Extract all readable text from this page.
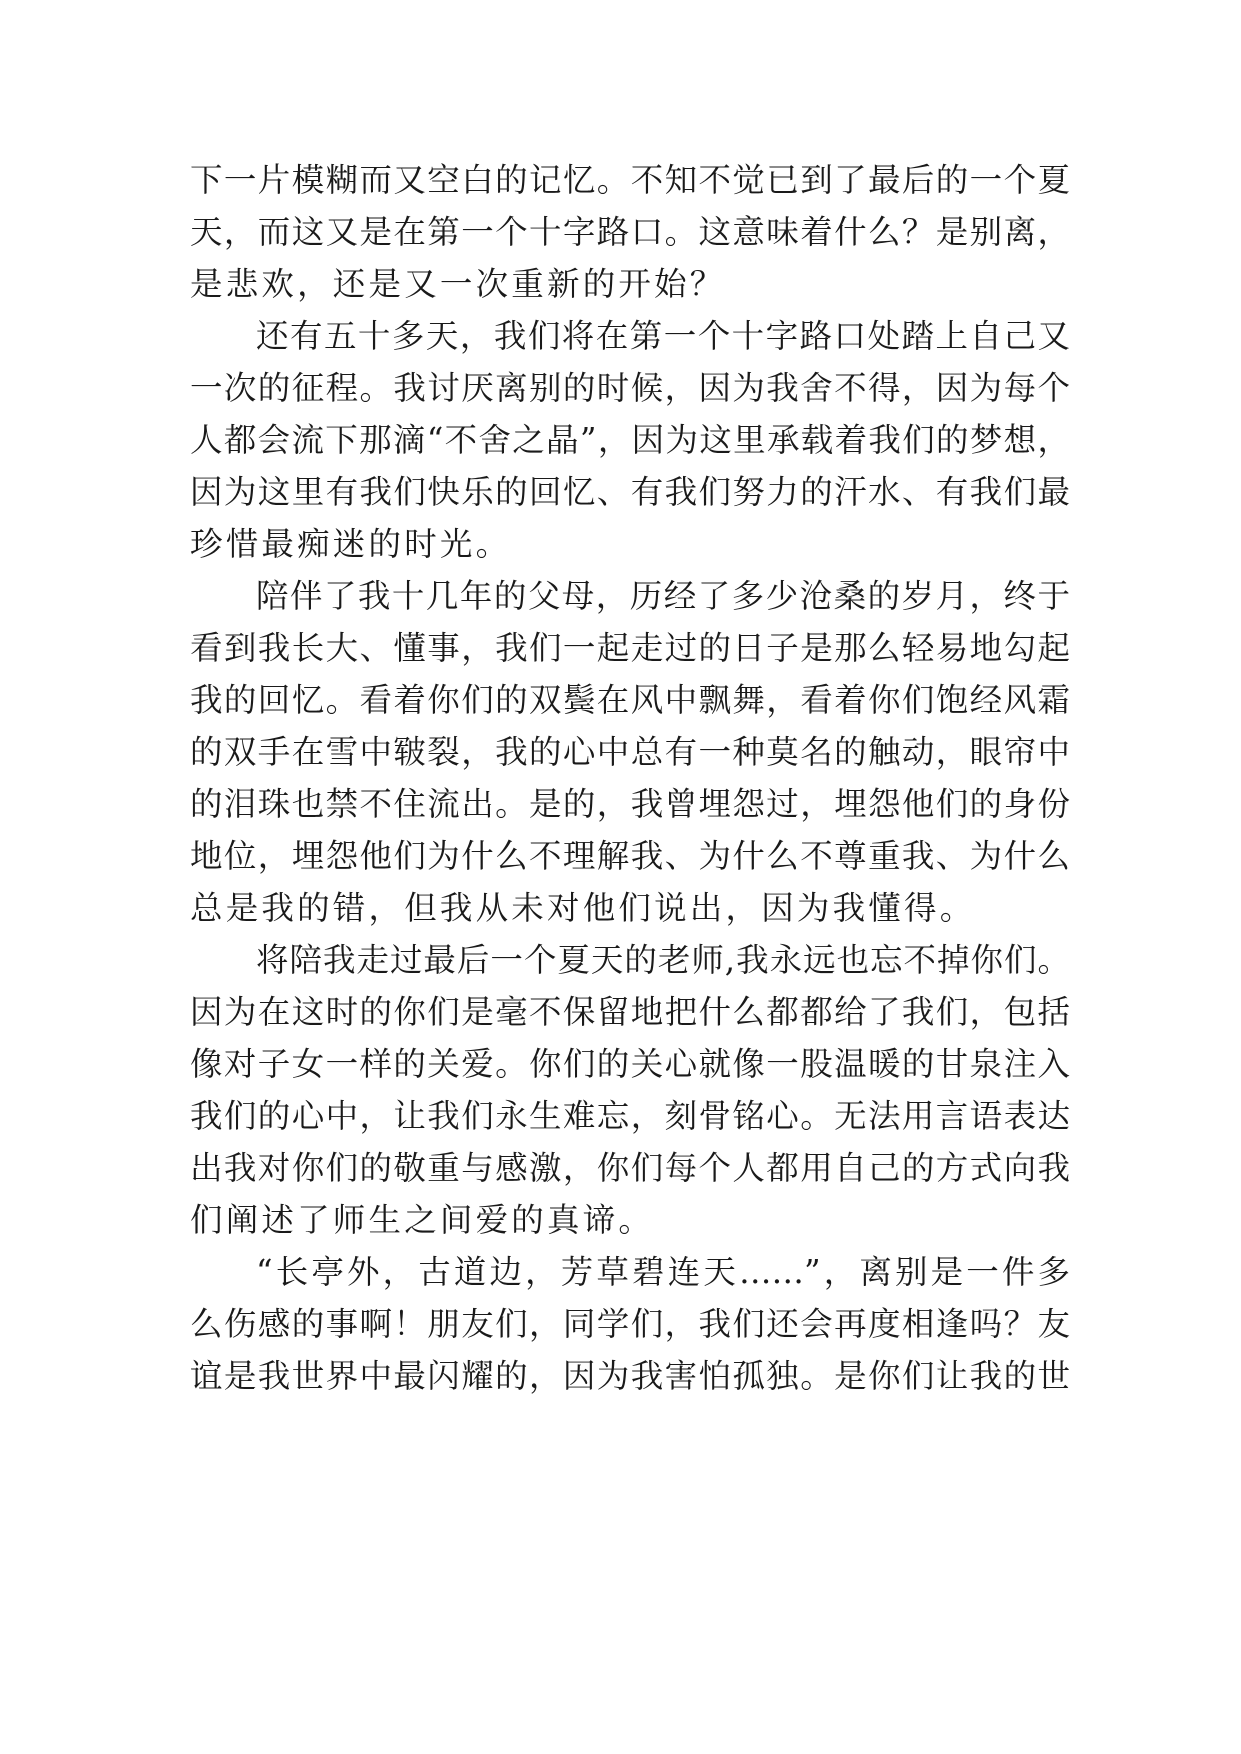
下一片模糊而又空白的记忆。不知不觉已到了最后的一个夏
天，而这又是在第一个十字路口。这意味着什么？是别离，
是悲欢，还是又一次重新的开始？
还有五十多天，我们将在第一个十字路口处踏上自己又
一次的征程。我讨厌离别的时候，因为我舍不得，因为每个
人都会流下那滴“不舍之晶”，因为这里承载着我们的梦想，
因为这里有我们快乐的回忆、有我们努力的汗水、有我们最
珍惜最痴迷的时光。
陪伴了我十几年的父母，历经了多少沧桑的岁月，终于
看到我长大、懂事，我们一起走过的日子是那么轻易地勾起
我的回忆。看着你们的双鬓在风中飘舞，看着你们饱经风霜
的双手在雪中皲裂，我的心中总有一种莫名的触动，眼帘中
的泪珠也禁不住流出。是的，我曾埋怨过，埋怨他们的身份
地位，埋怨他们为什么不理解我、为什么不尊重我、为什么
总是我的错，但我从未对他们说出，因为我懂得。
将陪我走过最后一个夏天的老师,我永远也忘不掉你们。
因为在这时的你们是毫不保留地把什么都都给了我们，包括
像对子女一样的关爱。你们的关心就像一股温暖的甘泉注入
我们的心中，让我们永生难忘，刻骨铭心。无法用言语表达
出我对你们的敬重与感激，你们每个人都用自己的方式向我
们阐述了师生之间爱的真谛。
“长亭外，古道边，芳草碧连天……”，离别是一件多
么伤感的事啊！朋友们，同学们，我们还会再度相逢吗？友
谊是我世界中最闪耀的，因为我害怕孤独。是你们让我的世
